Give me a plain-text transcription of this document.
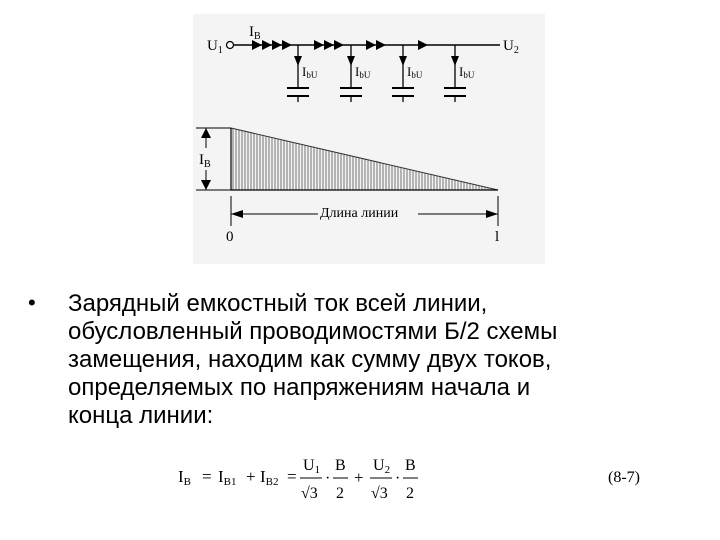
$U_1$
$I_B$
$U_2$
IbU	IbU	IbU	IbU
$I_B$
Длина линии
0	l
•	Зарядный емкостный ток всей линии,
обусловленный проводимостями Б/2 схемы
замещения, находим как сумму двух токов,
определяемых по напряжениям начала и
конца линии:
IB = IB1 + IB2 =
U1
√3
·
B
2
+
U2
√3
·
B
2
(8-7)
